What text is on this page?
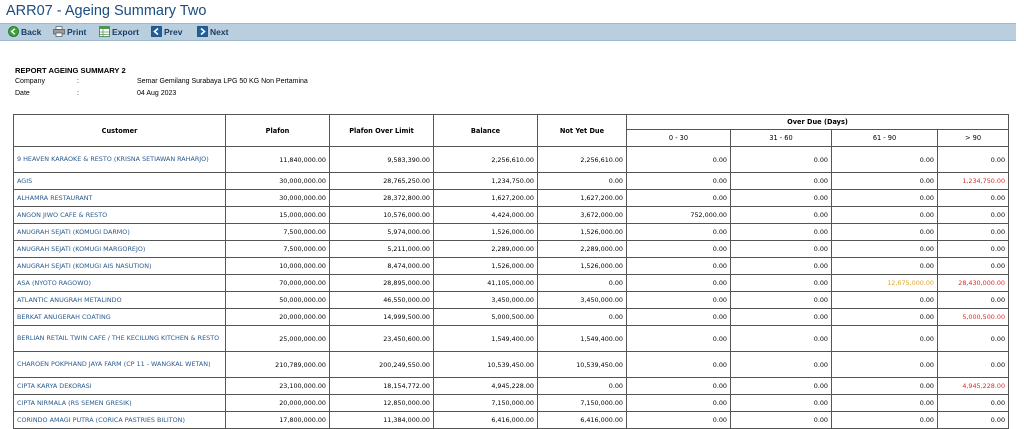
ARR07 - Ageing Summary Two
Back	Print	Export	Prev	Next
REPORT AGEING SUMMARY 2
Company	:	Semar Gemilang Surabaya LPG 50 KG Non Pertamina
Date	:	04 Aug 2023
Customer	Plafon	Plafon Over Limit	Balance	Not Yet Due	Over Due (Days)			
					0 - 30	31 - 60	61 - 90	> 90
9 HEAVEN KARAOKE & RESTO (KRISNA SETIAWAN RAHARJO)	11,840,000.00	9,583,390.00	2,256,610.00	2,256,610.00	0.00	0.00	0.00	0.00
AGIS	30,000,000.00	28,765,250.00	1,234,750.00	0.00	0.00	0.00	0.00	1,234,750.00
ALHAMRA RESTAURANT	30,000,000.00	28,372,800.00	1,627,200.00	1,627,200.00	0.00	0.00	0.00	0.00
ANGON JIWO CAFE & RESTO	15,000,000.00	10,576,000.00	4,424,000.00	3,672,000.00	752,000.00	0.00	0.00	0.00
ANUGRAH SEJATI (KOMUGI DARMO)	7,500,000.00	5,974,000.00	1,526,000.00	1,526,000.00	0.00	0.00	0.00	0.00
ANUGRAH SEJATI (KOMUGI MARGOREJO)	7,500,000.00	5,211,000.00	2,289,000.00	2,289,000.00	0.00	0.00	0.00	0.00
ANUGRAH SEJATI (KOMUGI AIS NASUTION)	10,000,000.00	8,474,000.00	1,526,000.00	1,526,000.00	0.00	0.00	0.00	0.00
ASA (NYOTO RAGOWO)	70,000,000.00	28,895,000.00	41,105,000.00	0.00	0.00	0.00	12,675,000.00	28,430,000.00
ATLANTIC ANUGRAH METALINDO	50,000,000.00	46,550,000.00	3,450,000.00	3,450,000.00	0.00	0.00	0.00	0.00
BERKAT ANUGERAH COATING	20,000,000.00	14,999,500.00	5,000,500.00	0.00	0.00	0.00	0.00	5,000,500.00
BERLIAN RETAIL TWIN CAFE / THE KECILUNG KITCHEN & RESTO	25,000,000.00	23,450,600.00	1,549,400.00	1,549,400.00	0.00	0.00	0.00	0.00
CHAROEN POKPHAND JAYA FARM (CP 11 - WANGKAL WETAN)	210,789,000.00	200,249,550.00	10,539,450.00	10,539,450.00	0.00	0.00	0.00	0.00
CIPTA KARYA DEKORASI	23,100,000.00	18,154,772.00	4,945,228.00	0.00	0.00	0.00	0.00	4,945,228.00
CIPTA NIRMALA (RS SEMEN GRESIK)	20,000,000.00	12,850,000.00	7,150,000.00	7,150,000.00	0.00	0.00	0.00	0.00
CORINDO AMAGI PUTRA (CORICA PASTRIES BILITON)	17,800,000.00	11,384,000.00	6,416,000.00	6,416,000.00	0.00	0.00	0.00	0.00
